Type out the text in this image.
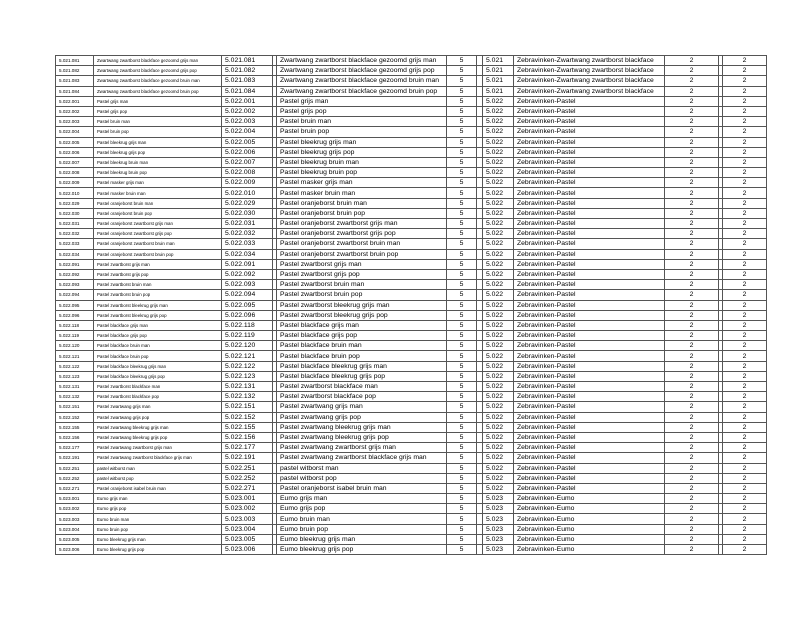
5.021.081	Zwartwang zwartborst blackface gezoomd grijs man	5.021.081		Zwartwang zwartborst blackface gezoomd grijs man	5		5.021	Zebravinken-Zwartwang zwartborst blackface	2		2
5.021.082	Zwartwang zwartborst blackface gezoomd grijs pop	5.021.082		Zwartwang zwartborst blackface gezoomd grijs pop	5		5.021	Zebravinken-Zwartwang zwartborst blackface	2		2
5.021.083	Zwartwang zwartborst blackface gezoomd bruin man	5.021.083		Zwartwang zwartborst blackface gezoomd bruin man	5		5.021	Zebravinken-Zwartwang zwartborst blackface	2		2
5.021.084	Zwartwang zwartborst blackface gezoomd bruin pop	5.021.084		Zwartwang zwartborst blackface gezoomd bruin pop	5		5.021	Zebravinken-Zwartwang zwartborst blackface	2		2
5.022.001	Pastel grijs man	5.022.001		Pastel grijs man	5		5.022	Zebravinken-Pastel	2		2
5.022.002	Pastel grijs pop	5.022.002		Pastel grijs pop	5		5.022	Zebravinken-Pastel	2		2
5.022.003	Pastel bruin man	5.022.003		Pastel bruin man	5		5.022	Zebravinken-Pastel	2		2
5.022.004	Pastel bruin pop	5.022.004		Pastel bruin pop	5		5.022	Zebravinken-Pastel	2		2
5.022.005	Pastel bleekrug grijs man	5.022.005		Pastel bleekrug grijs man	5		5.022	Zebravinken-Pastel	2		2
5.022.006	Pastel bleekrug grijs pop	5.022.006		Pastel bleekrug grijs pop	5		5.022	Zebravinken-Pastel	2		2
5.022.007	Pastel bleekrug bruin man	5.022.007		Pastel bleekrug bruin man	5		5.022	Zebravinken-Pastel	2		2
5.022.008	Pastel bleekrug bruin pop	5.022.008		Pastel bleekrug bruin pop	5		5.022	Zebravinken-Pastel	2		2
5.022.009	Pastel masker grijs man	5.022.009		Pastel masker grijs man	5		5.022	Zebravinken-Pastel	2		2
5.022.010	Pastel masker bruin man	5.022.010		Pastel masker bruin man	5		5.022	Zebravinken-Pastel	2		2
5.022.029	Pastel oranjeborst bruin man	5.022.029		Pastel oranjeborst bruin man	5		5.022	Zebravinken-Pastel	2		2
5.022.030	Pastel oranjeborst bruin pop	5.022.030		Pastel oranjeborst bruin pop	5		5.022	Zebravinken-Pastel	2		2
5.022.031	Pastel oranjeborst zwartborst grijs man	5.022.031		Pastel oranjeborst zwartborst grijs man	5		5.022	Zebravinken-Pastel	2		2
5.022.032	Pastel oranjeborst zwartborst grijs pop	5.022.032		Pastel oranjeborst zwartborst grijs pop	5		5.022	Zebravinken-Pastel	2		2
5.022.033	Pastel oranjeborst zwartborst bruin man	5.022.033		Pastel oranjeborst zwartborst bruin man	5		5.022	Zebravinken-Pastel	2		2
5.022.034	Pastel oranjeborst zwartborst bruin pop	5.022.034		Pastel oranjeborst zwartborst bruin pop	5		5.022	Zebravinken-Pastel	2		2
5.022.091	Pastel zwartborst grijs man	5.022.091		Pastel zwartborst grijs man	5		5.022	Zebravinken-Pastel	2		2
5.022.092	Pastel zwartborst grijs pop	5.022.092		Pastel zwartborst grijs pop	5		5.022	Zebravinken-Pastel	2		2
5.022.093	Pastel zwartborst bruin man	5.022.093		Pastel zwartborst bruin man	5		5.022	Zebravinken-Pastel	2		2
5.022.094	Pastel zwartborst bruin pop	5.022.094		Pastel zwartborst bruin pop	5		5.022	Zebravinken-Pastel	2		2
5.022.095	Pastel zwartborst bleekrug grijs man	5.022.095		Pastel zwartborst bleekrug grijs man	5		5.022	Zebravinken-Pastel	2		2
5.022.096	Pastel zwartborst bleekrug grijs pop	5.022.096		Pastel zwartborst bleekrug grijs pop	5		5.022	Zebravinken-Pastel	2		2
5.022.118	Pastel blackface grijs man	5.022.118		Pastel blackface grijs man	5		5.022	Zebravinken-Pastel	2		2
5.022.119	Pastel blackface grijs pop	5.022.119		Pastel blackface grijs pop	5		5.022	Zebravinken-Pastel	2		2
5.022.120	Pastel blackface bruin man	5.022.120		Pastel blackface bruin man	5		5.022	Zebravinken-Pastel	2		2
5.022.121	Pastel blackface bruin pop	5.022.121		Pastel blackface bruin pop	5		5.022	Zebravinken-Pastel	2		2
5.022.122	Pastel blackface bleekrug grijs man	5.022.122		Pastel blackface bleekrug grijs man	5		5.022	Zebravinken-Pastel	2		2
5.022.123	Pastel blackface bleekrug grijs pop	5.022.123		Pastel blackface bleekrug grijs pop	5		5.022	Zebravinken-Pastel	2		2
5.022.131	Pastel zwartborst blackface man	5.022.131		Pastel zwartborst blackface man	5		5.022	Zebravinken-Pastel	2		2
5.022.132	Pastel zwartborst blackface pop	5.022.132		Pastel zwartborst blackface pop	5		5.022	Zebravinken-Pastel	2		2
5.022.151	Pastel zwartwang grijs man	5.022.151		Pastel zwartwang grijs man	5		5.022	Zebravinken-Pastel	2		2
5.022.152	Pastel zwartwang grijs pop	5.022.152		Pastel zwartwang grijs pop	5		5.022	Zebravinken-Pastel	2		2
5.022.155	Pastel zwartwang bleekrug grijs man	5.022.155		Pastel zwartwang bleekrug grijs man	5		5.022	Zebravinken-Pastel	2		2
5.022.156	Pastel zwartwang bleekrug grijs pop	5.022.156		Pastel zwartwang bleekrug grijs pop	5		5.022	Zebravinken-Pastel	2		2
5.022.177	Pastel zwartwang zwartborst grijs man	5.022.177		Pastel zwartwang zwartborst grijs man	5		5.022	Zebravinken-Pastel	2		2
5.022.191	Pastel zwartwang zwartborst blackface grijs man	5.022.191		Pastel zwartwang zwartborst blackface grijs man	5		5.022	Zebravinken-Pastel	2		2
5.022.251	pastel witborst man	5.022.251		pastel witborst man	5		5.022	Zebravinken-Pastel	2		2
5.022.252	pastel witborst pop	5.022.252		pastel witborst pop	5		5.022	Zebravinken-Pastel	2		2
5.022.271	Pastel oranjeborst isabel bruin man	5.022.271		Pastel oranjeborst isabel bruin man	5		5.022	Zebravinken-Pastel	2		2
5.023.001	Eumo grijs man	5.023.001		Eumo grijs man	5		5.023	Zebravinken-Eumo	2		2
5.023.002	Eumo grijs pop	5.023.002		Eumo grijs pop	5		5.023	Zebravinken-Eumo	2		2
5.023.003	Eumo bruin man	5.023.003		Eumo bruin man	5		5.023	Zebravinken-Eumo	2		2
5.023.004	Eumo bruin pop	5.023.004		Eumo bruin pop	5		5.023	Zebravinken-Eumo	2		2
5.023.005	Eumo bleekrug grijs man	5.023.005		Eumo bleekrug grijs man	5		5.023	Zebravinken-Eumo	2		2
5.023.006	Eumo bleekrug grijs pop	5.023.006		Eumo bleekrug grijs pop	5		5.023	Zebravinken-Eumo	2		2
